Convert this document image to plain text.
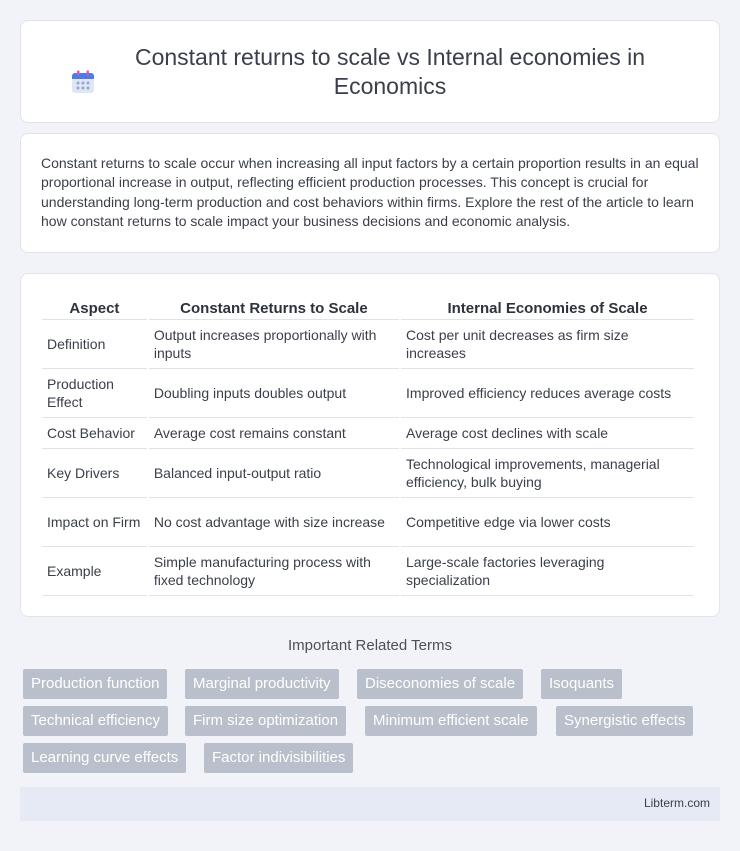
Constant returns to scale vs Internal economies in Economics

Constant returns to scale occur when increasing all input factors by a certain proportion results in an equal proportional increase in output, reflecting efficient production processes. This concept is crucial for understanding long-term production and cost behaviors within firms. Explore the rest of the article to learn how constant returns to scale impact your business decisions and economic analysis.

Aspect	Constant Returns to Scale	Internal Economies of Scale
Definition	Output increases proportionally with inputs	Cost per unit decreases as firm size increases
Production Effect	Doubling inputs doubles output	Improved efficiency reduces average costs
Cost Behavior	Average cost remains constant	Average cost declines with scale
Key Drivers	Balanced input-output ratio	Technological improvements, managerial efficiency, bulk buying
Impact on Firm	No cost advantage with size increase	Competitive edge via lower costs
Example	Simple manufacturing process with fixed technology	Large-scale factories leveraging specialization
Important Related Terms
Production function	Marginal productivity	Diseconomies of scale	Isoquants
Technical efficiency	Firm size optimization	Minimum efficient scale	Synergistic effects
Learning curve effects	Factor indivisibilities
Libterm.com
